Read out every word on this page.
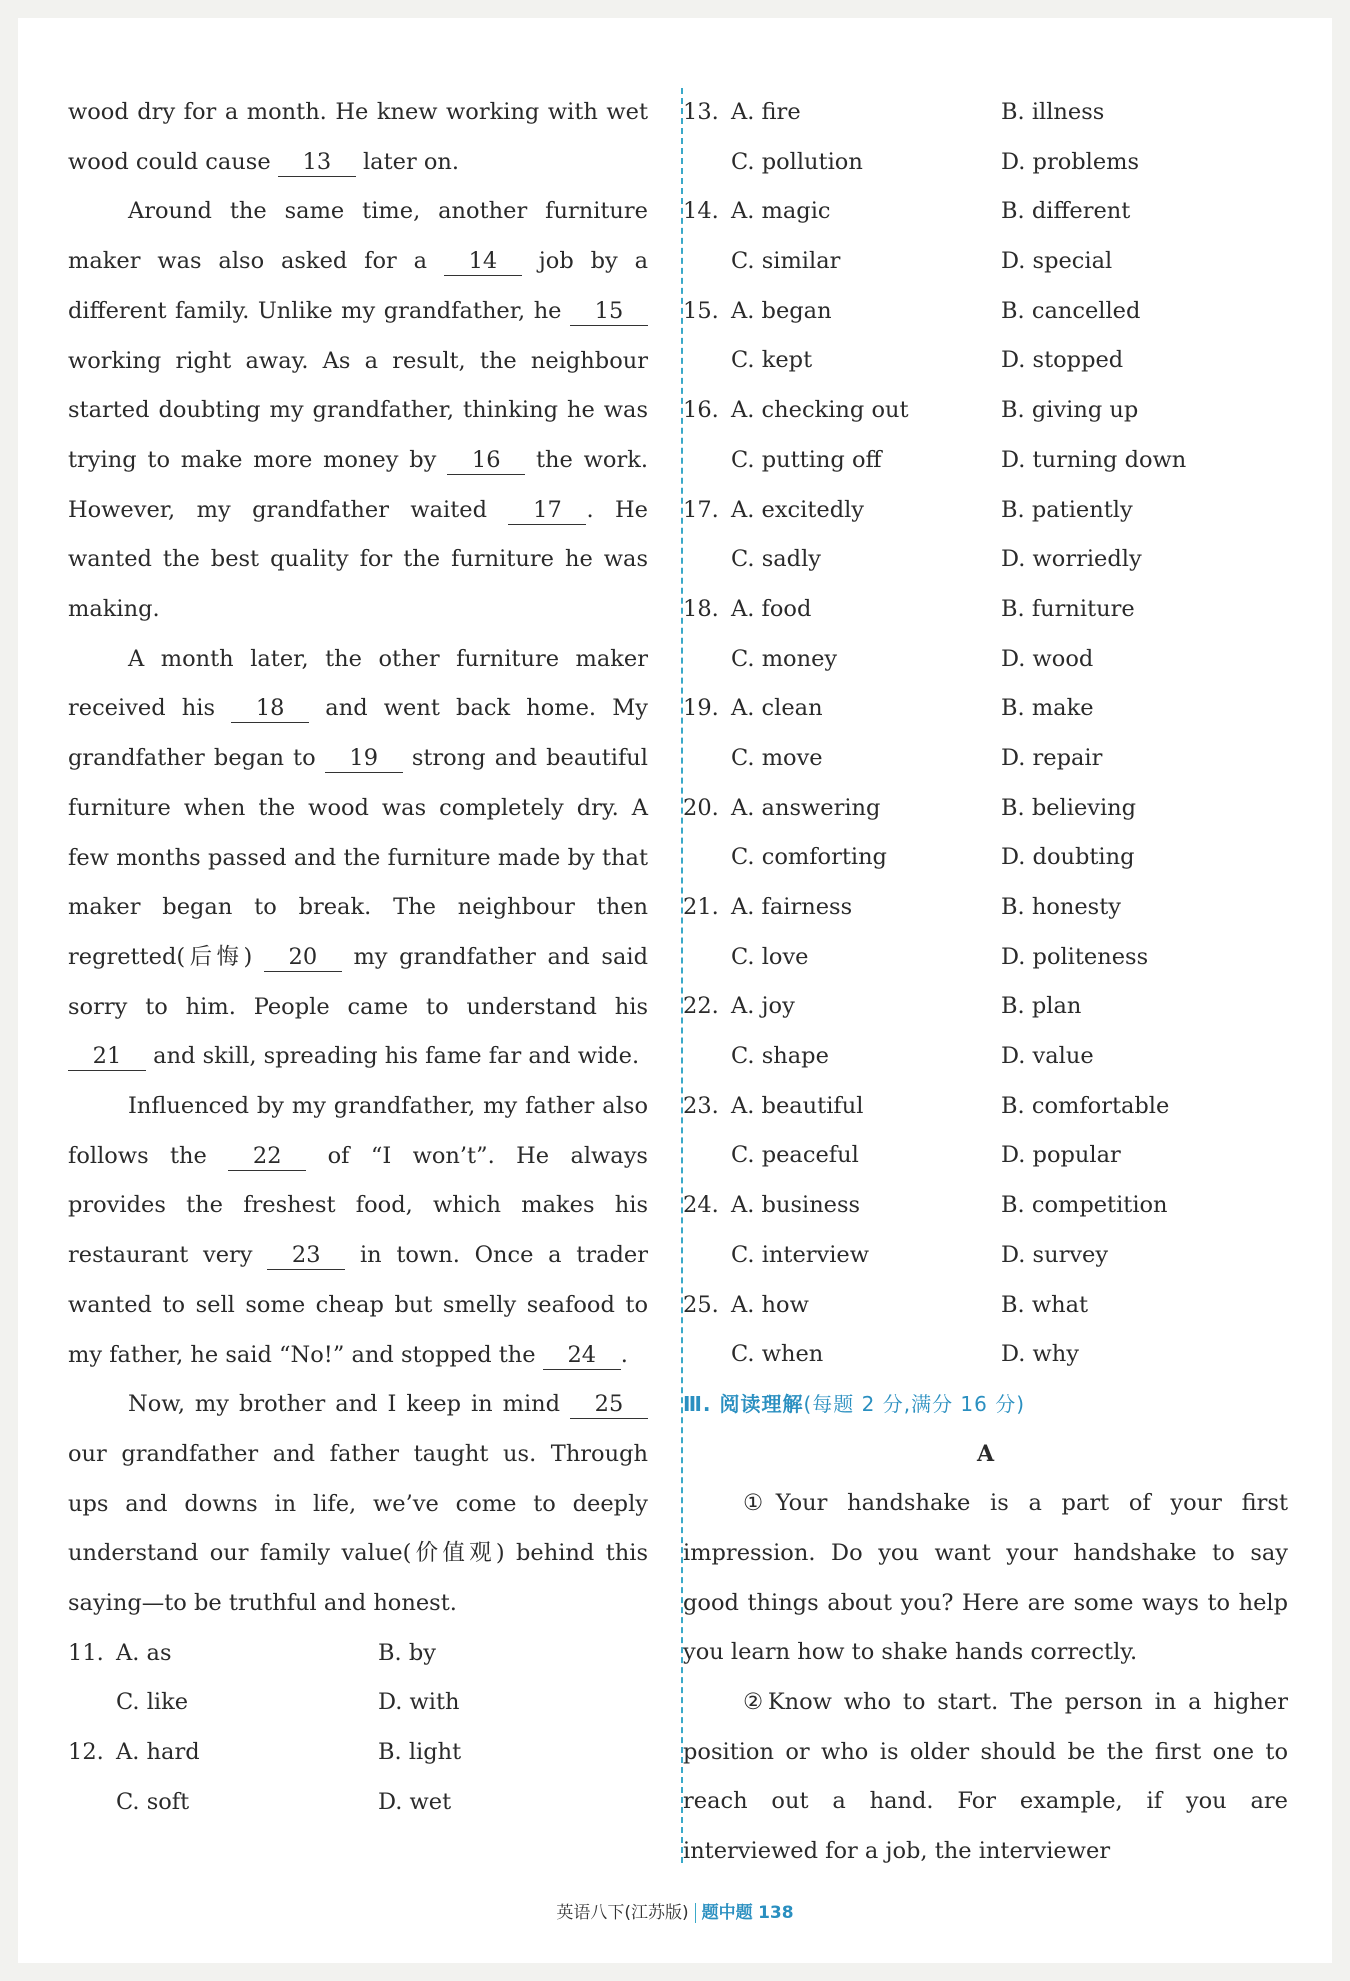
wood dry for a month. He knew working with wet wood could cause 13 later on.

Around the same time, another furniture maker was also asked for a 14 job by a different family. Unlike my grandfather, he 15 working right away. As a result, the neighbour started doubting my grandfather, thinking he was trying to make more money by 16 the work. However, my grandfather waited 17 . He wanted the best quality for the furniture he was making.

A month later, the other furniture maker received his 18 and went back home. My grandfather began to 19 strong and beautiful furniture when the wood was completely dry. A few months passed and the furniture made by that maker began to break. The neighbour then regretted(后悔) 20 my grandfather and said sorry to him. People came to understand his 21 and skill, spreading his fame far and wide.

Influenced by my grandfather, my father also follows the 22 of “I won’t”. He always provides the freshest food, which makes his restaurant very 23 in town. Once a trader wanted to sell some cheap but smelly seafood to my father, he said “No!” and stopped the 24 .

Now, my brother and I keep in mind 25 our grandfather and father taught us. Through ups and downs in life, we’ve come to deeply understand our family value(价值观) behind this saying—to be truthful and honest.

11. A. as	B. by
C. like	D. with
12. A. hard	B. light
C. soft	D. wet
13. A. fire	B. illness
C. pollution	D. problems
14. A. magic	B. different
C. similar	D. special
15. A. began	B. cancelled
C. kept	D. stopped
16. A. checking out	B. giving up
C. putting off	D. turning down
17. A. excitedly	B. patiently
C. sadly	D. worriedly
18. A. food	B. furniture
C. money	D. wood
19. A. clean	B. make
C. move	D. repair
20. A. answering	B. believing
C. comforting	D. doubting
21. A. fairness	B. honesty
C. love	D. politeness
22. A. joy	B. plan
C. shape	D. value
23. A. beautiful	B. comfortable
C. peaceful	D. popular
24. A. business	B. competition
C. interview	D. survey
25. A. how	B. what
C. when	D. why
Ⅲ. 阅读理解(每题 2 分,满分 16 分)
A

①Your handshake is a part of your first impression. Do you want your handshake to say good things about you? Here are some ways to help you learn how to shake hands correctly.

②Know who to start. The person in a higher position or who is older should be the first one to reach out a hand. For example, if you are interviewed for a job, the interviewer

英语八下(江苏版) 题中题 138
